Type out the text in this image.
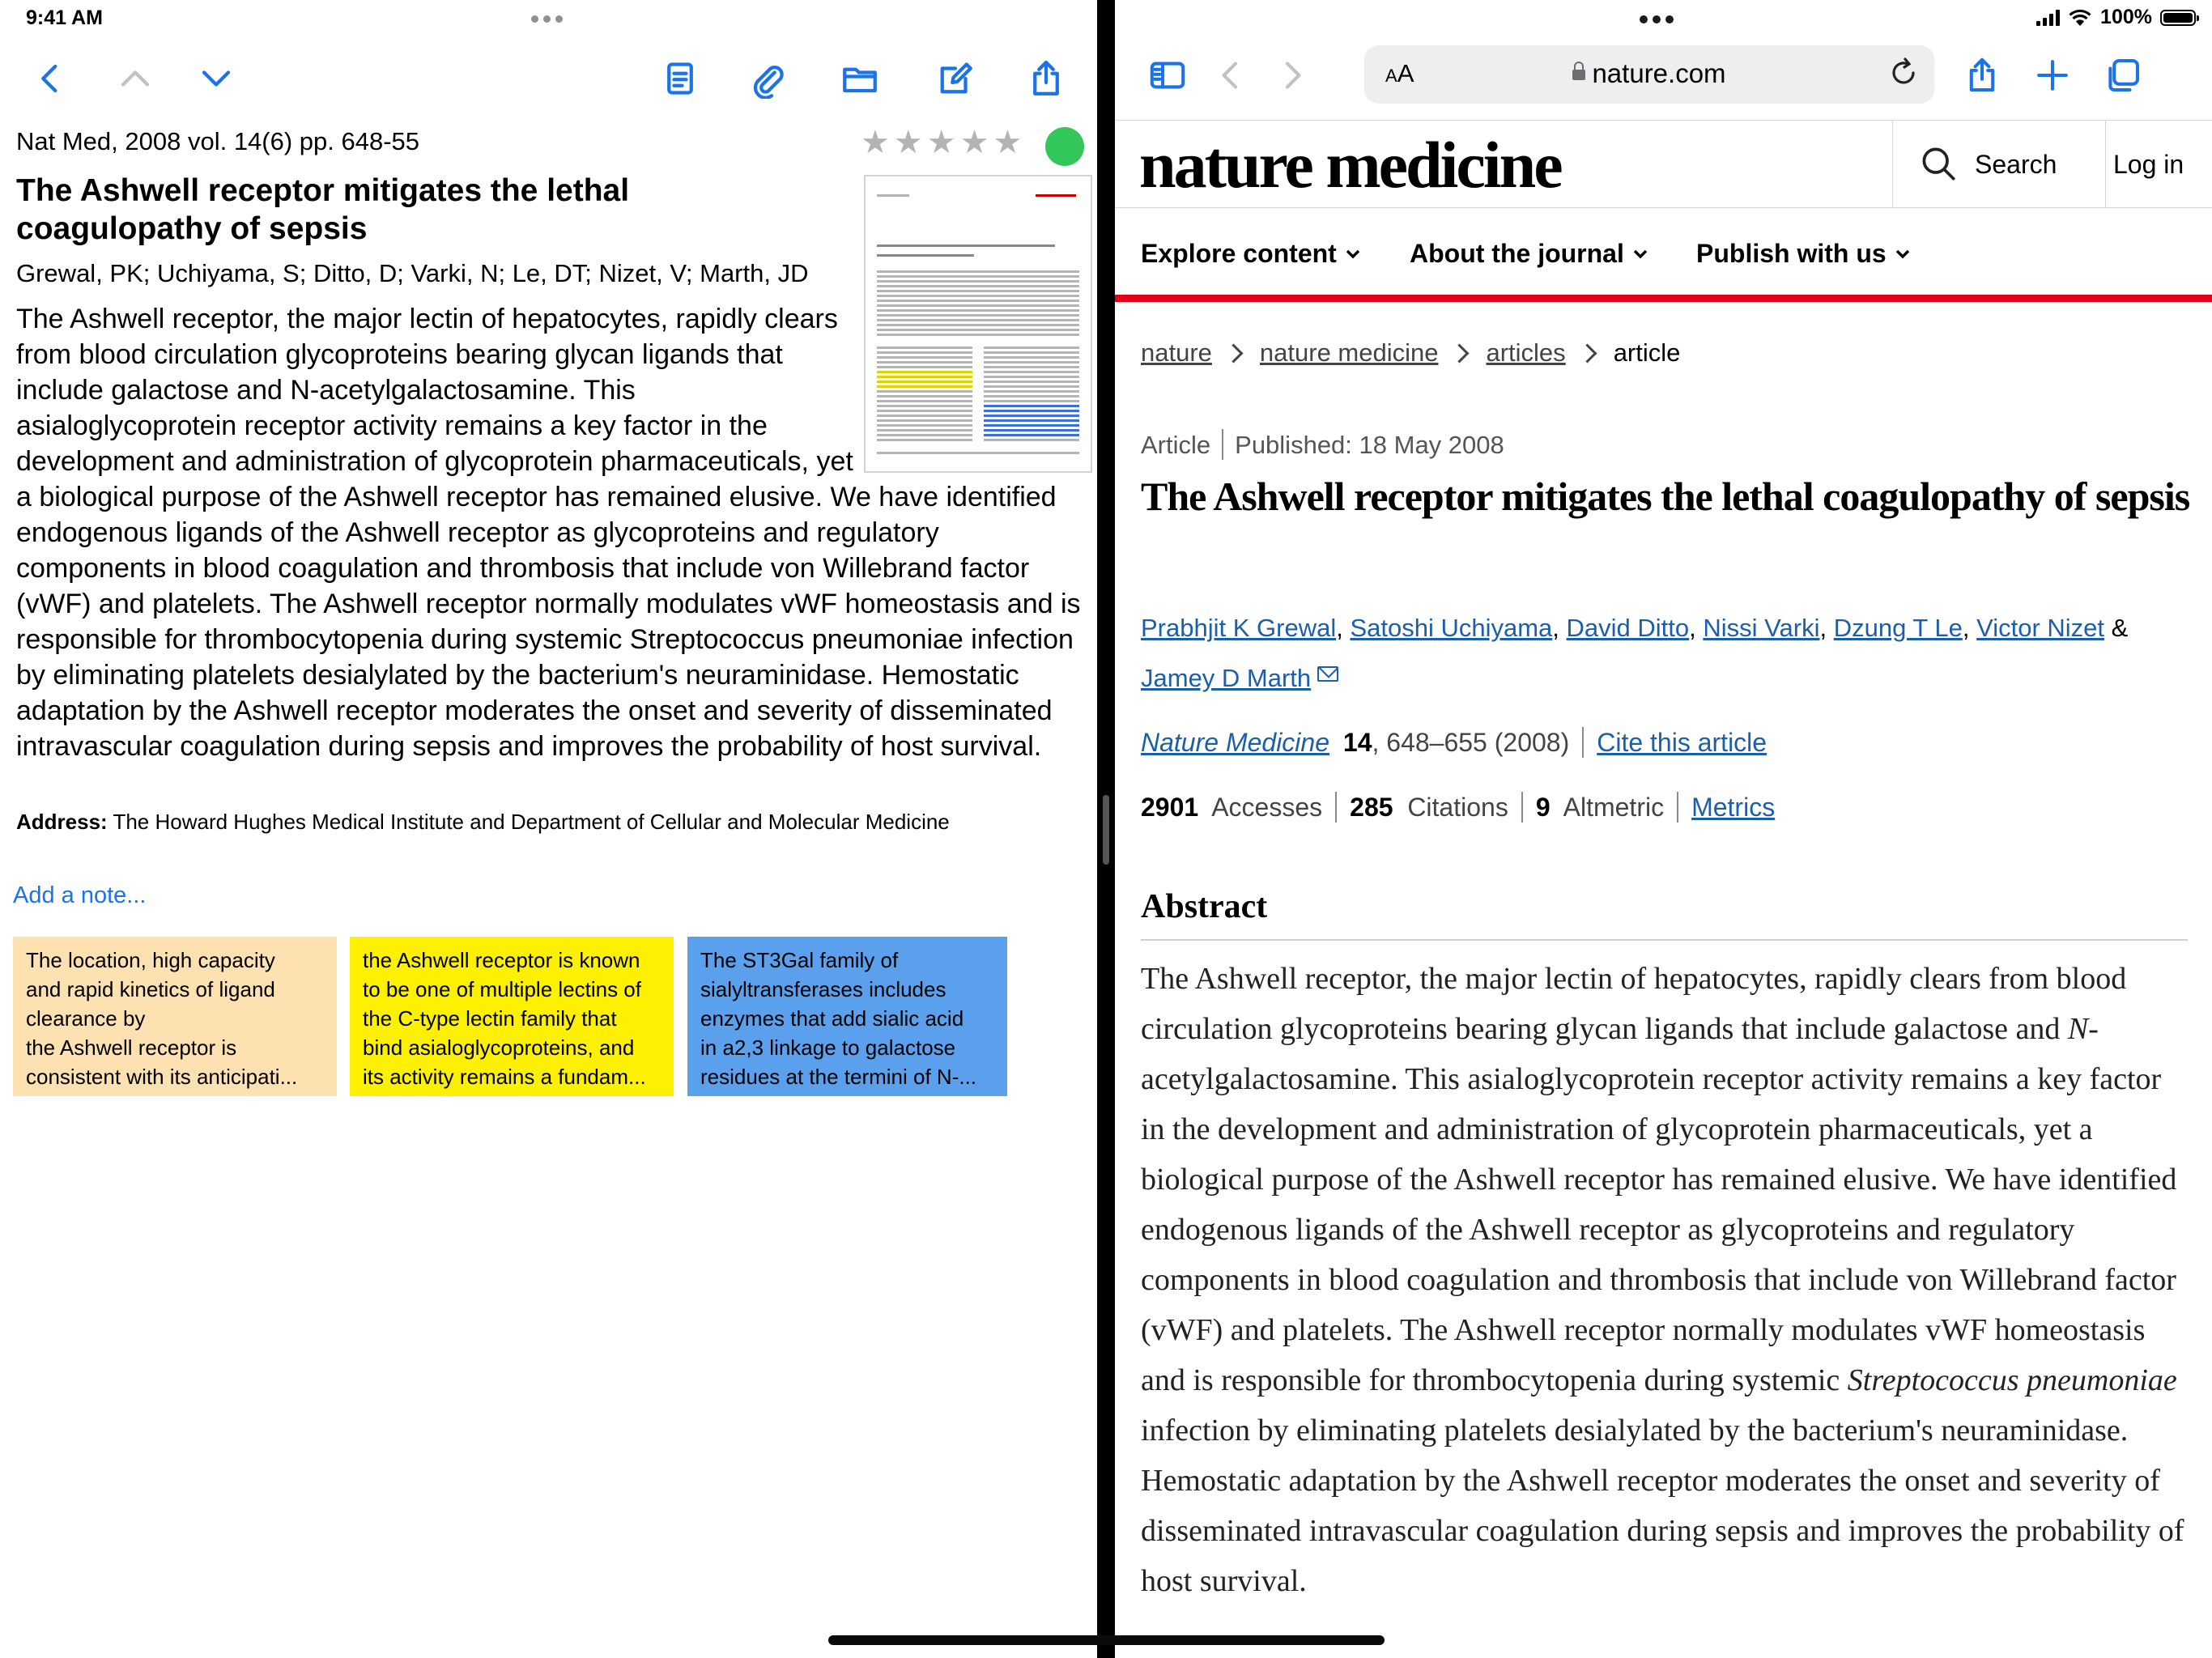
9:41 AM
Nat Med, 2008 vol. 14(6) pp. 648-55	★★★★★
The Ashwell receptor mitigates the lethal coagulopathy of sepsis
Grewal, PK; Uchiyama, S; Ditto, D; Varki, N; Le, DT; Nizet, V; Marth, JD
The Ashwell receptor, the major lectin of hepatocytes, rapidly clears from blood circulation glycoproteins bearing glycan ligands that include galactose and N-acetylgalactosamine. This asialoglycoprotein receptor activity remains a key factor in the development and administration of glycoprotein pharmaceuticals, yet a biological purpose of the Ashwell receptor has remained elusive. We have identified endogenous ligands of the Ashwell receptor as glycoproteins and regulatory components in blood coagulation and thrombosis that include von Willebrand factor (vWF) and platelets. The Ashwell receptor normally modulates vWF homeostasis and is responsible for thrombocytopenia during systemic Streptococcus pneumoniae infection by eliminating platelets desialylated by the bacterium's neuraminidase. Hemostatic adaptation by the Ashwell receptor moderates the onset and severity of disseminated intravascular coagulation during sepsis and improves the probability of host survival.
Address: The Howard Hughes Medical Institute and Department of Cellular and Molecular Medicine
Add a note...
The location, high capacity
and rapid kinetics of ligand
clearance by
the Ashwell receptor is
consistent with its anticipati...
the Ashwell receptor is known
to be one of multiple lectins of
the C-type lectin family that
bind asialoglycoproteins, and
its activity remains a fundam...
The ST3Gal family of
sialyltransferases includes
enzymes that add sialic acid
in a2,3 linkage to galactose
residues at the termini of N-...
100%
AA	nature.com
nature medicine	Search Log in
Explore content	About the journal	Publish with us
nature nature medicine articles article
Article Published: 18 May 2008
The Ashwell receptor mitigates the lethal coagulopathy of sepsis
Prabhjit K Grewal, Satoshi Uchiyama, David Ditto, Nissi Varki, Dzung T Le, Victor Nizet &
Jamey D Marth
Nature Medicine 14, 648–655 (2008) Cite this article
2901 Accesses 285 Citations 9 Altmetric Metrics
Abstract
The Ashwell receptor, the major lectin of hepatocytes, rapidly clears from blood circulation glycoproteins bearing glycan ligands that include galactose and N-acetylgalactosamine. This asialoglycoprotein receptor activity remains a key factor in the development and administration of glycoprotein pharmaceuticals, yet a biological purpose of the Ashwell receptor has remained elusive. We have identified endogenous ligands of the Ashwell receptor as glycoproteins and regulatory components in blood coagulation and thrombosis that include von Willebrand factor (vWF) and platelets. The Ashwell receptor normally modulates vWF homeostasis and is responsible for thrombocytopenia during systemic Streptococcus pneumoniae infection by eliminating platelets desialylated by the bacterium's neuraminidase. Hemostatic adaptation by the Ashwell receptor moderates the onset and severity of disseminated intravascular coagulation during sepsis and improves the probability of host survival.
